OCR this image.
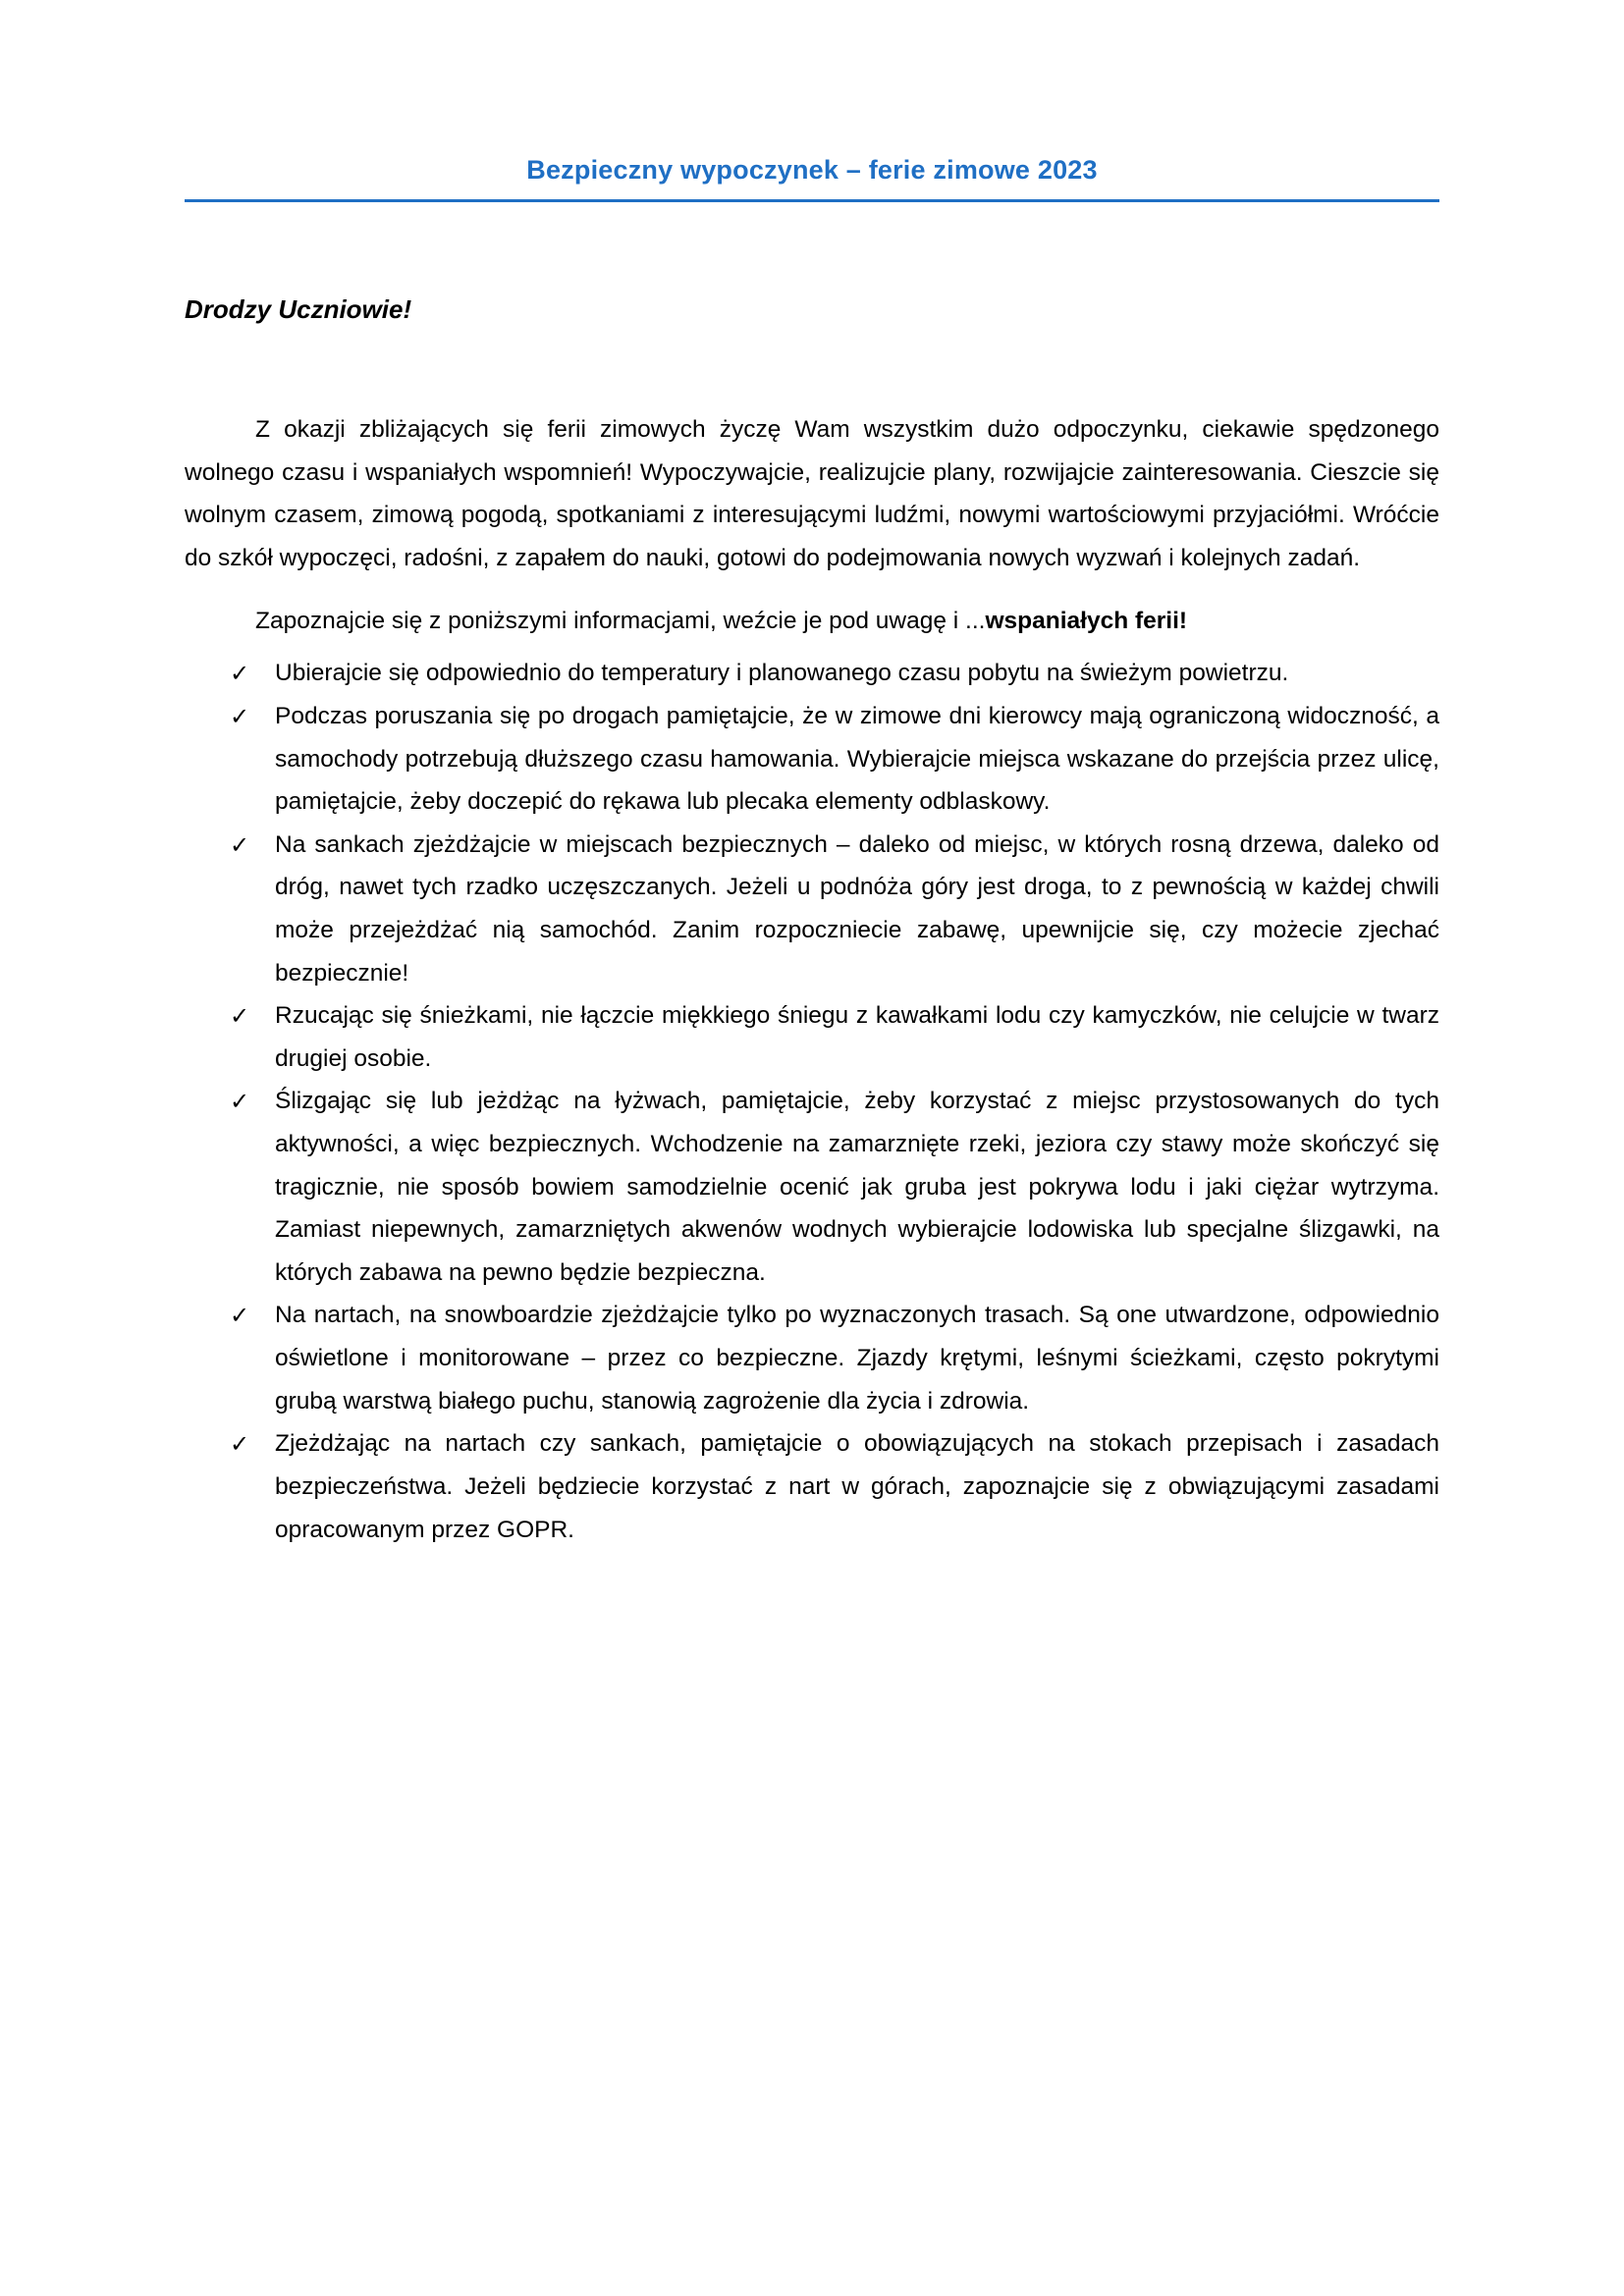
Bezpieczny wypoczynek – ferie zimowe 2023
Drodzy Uczniowie!

Z okazji zbliżających się ferii zimowych życzę Wam wszystkim dużo odpoczynku, ciekawie spędzonego wolnego czasu i wspaniałych wspomnień! Wypoczywajcie, realizujcie plany, rozwijajcie zainteresowania. Cieszcie się wolnym czasem, zimową pogodą, spotkaniami z interesującymi ludźmi, nowymi wartościowymi przyjaciółmi. Wróćcie do szkół wypoczęci, radośni, z zapałem do nauki, gotowi do podejmowania nowych wyzwań i kolejnych zadań.

Zapoznajcie się z poniższymi informacjami, weźcie je pod uwagę i ...wspaniałych ferii!

✓ Ubierajcie się odpowiednio do temperatury i planowanego czasu pobytu na świeżym powietrzu.
✓ Podczas poruszania się po drogach pamiętajcie, że w zimowe dni kierowcy mają ograniczoną widoczność, a samochody potrzebują dłuższego czasu hamowania. Wybierajcie miejsca wskazane do przejścia przez ulicę, pamiętajcie, żeby doczepić do rękawa lub plecaka elementy odblaskowy.
✓ Na sankach zjeżdżajcie w miejscach bezpiecznych – daleko od miejsc, w których rosną drzewa, daleko od dróg, nawet tych rzadko uczęszczanych. Jeżeli u podnóża góry jest droga, to z pewnością w każdej chwili może przejeżdżać nią samochód. Zanim rozpoczniecie zabawę, upewnijcie się, czy możecie zjechać bezpiecznie!
✓ Rzucając się śnieżkami, nie łączcie miękkiego śniegu z kawałkami lodu czy kamyczków, nie celujcie w twarz drugiej osobie.
✓ Ślizgając się lub jeżdżąc na łyżwach, pamiętajcie, żeby korzystać z miejsc przystosowanych do tych aktywności, a więc bezpiecznych. Wchodzenie na zamarznięte rzeki, jeziora czy stawy może skończyć się tragicznie, nie sposób bowiem samodzielnie ocenić jak gruba jest pokrywa lodu i jaki ciężar wytrzyma. Zamiast niepewnych, zamarzniętych akwenów wodnych wybierajcie lodowiska lub specjalne ślizgawki, na których zabawa na pewno będzie bezpieczna.
✓ Na nartach, na snowboardzie zjeżdżajcie tylko po wyznaczonych trasach. Są one utwardzone, odpowiednio oświetlone i monitorowane – przez co bezpieczne. Zjazdy krętymi, leśnymi ścieżkami, często pokrytymi grubą warstwą białego puchu, stanowią zagrożenie dla życia i zdrowia.
✓ Zjeżdżając na nartach czy sankach, pamiętajcie o obowiązujących na stokach przepisach i zasadach bezpieczeństwa. Jeżeli będziecie korzystać z nart w górach, zapoznajcie się z obwiązującymi zasadami opracowanym przez GOPR.
